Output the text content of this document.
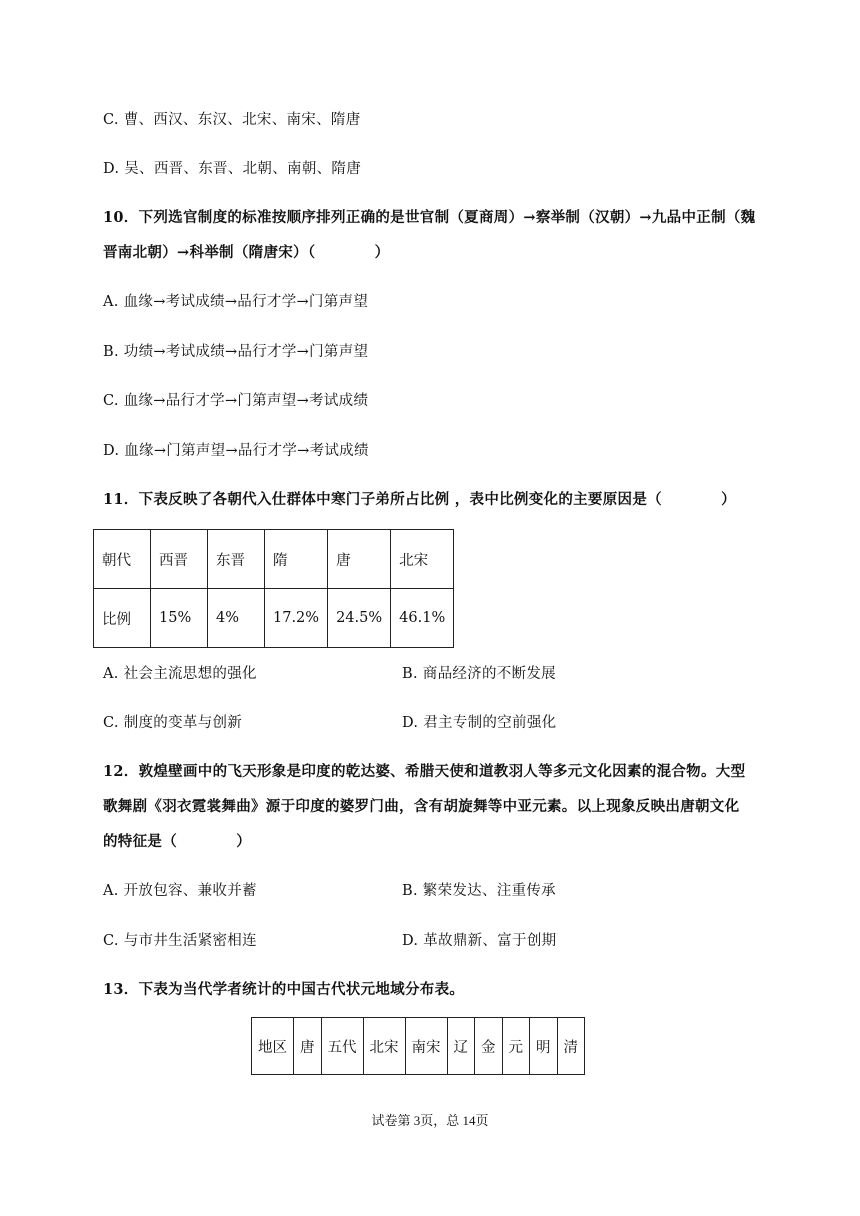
C. 曹、西汉、东汉、北宋、南宋、隋唐
D. 吴、西晋、东晋、北朝、南朝、隋唐
10．下列选官制度的标准按顺序排列正确的是世官制（夏商周）→察举制（汉朝）→九品中正制（魏
晋南北朝）→科举制（隋唐宋）（　　　　）
A. 血缘→考试成绩→品行才学→门第声望
B. 功绩→考试成绩→品行才学→门第声望
C. 血缘→品行才学→门第声望→考试成绩
D. 血缘→门第声望→品行才学→考试成绩
11．下表反映了各朝代入仕群体中寒门子弟所占比例 ，表中比例变化的主要原因是（　　　　）
朝代	西晋	东晋	隋	唐	北宋
比例	15%	4%	17.2%	24.5%	46.1%
A. 社会主流思想的强化	B. 商品经济的不断发展
C. 制度的变革与创新	D. 君主专制的空前强化
12．敦煌壁画中的飞天形象是印度的乾达婆、希腊天使和道教羽人等多元文化因素的混合物。大型
歌舞剧《羽衣霓裳舞曲》源于印度的婆罗门曲，含有胡旋舞等中亚元素。以上现象反映出唐朝文化
的特征是（　　　　）
A. 开放包容、兼收并蓄	B. 繁荣发达、注重传承
C. 与市井生活紧密相连	D. 革故鼎新、富于创期
13．下表为当代学者统计的中国古代状元地域分布表。
地区	唐	五代	北宋	南宋	辽	金	元	明	清
试卷第 3页，总 14页
